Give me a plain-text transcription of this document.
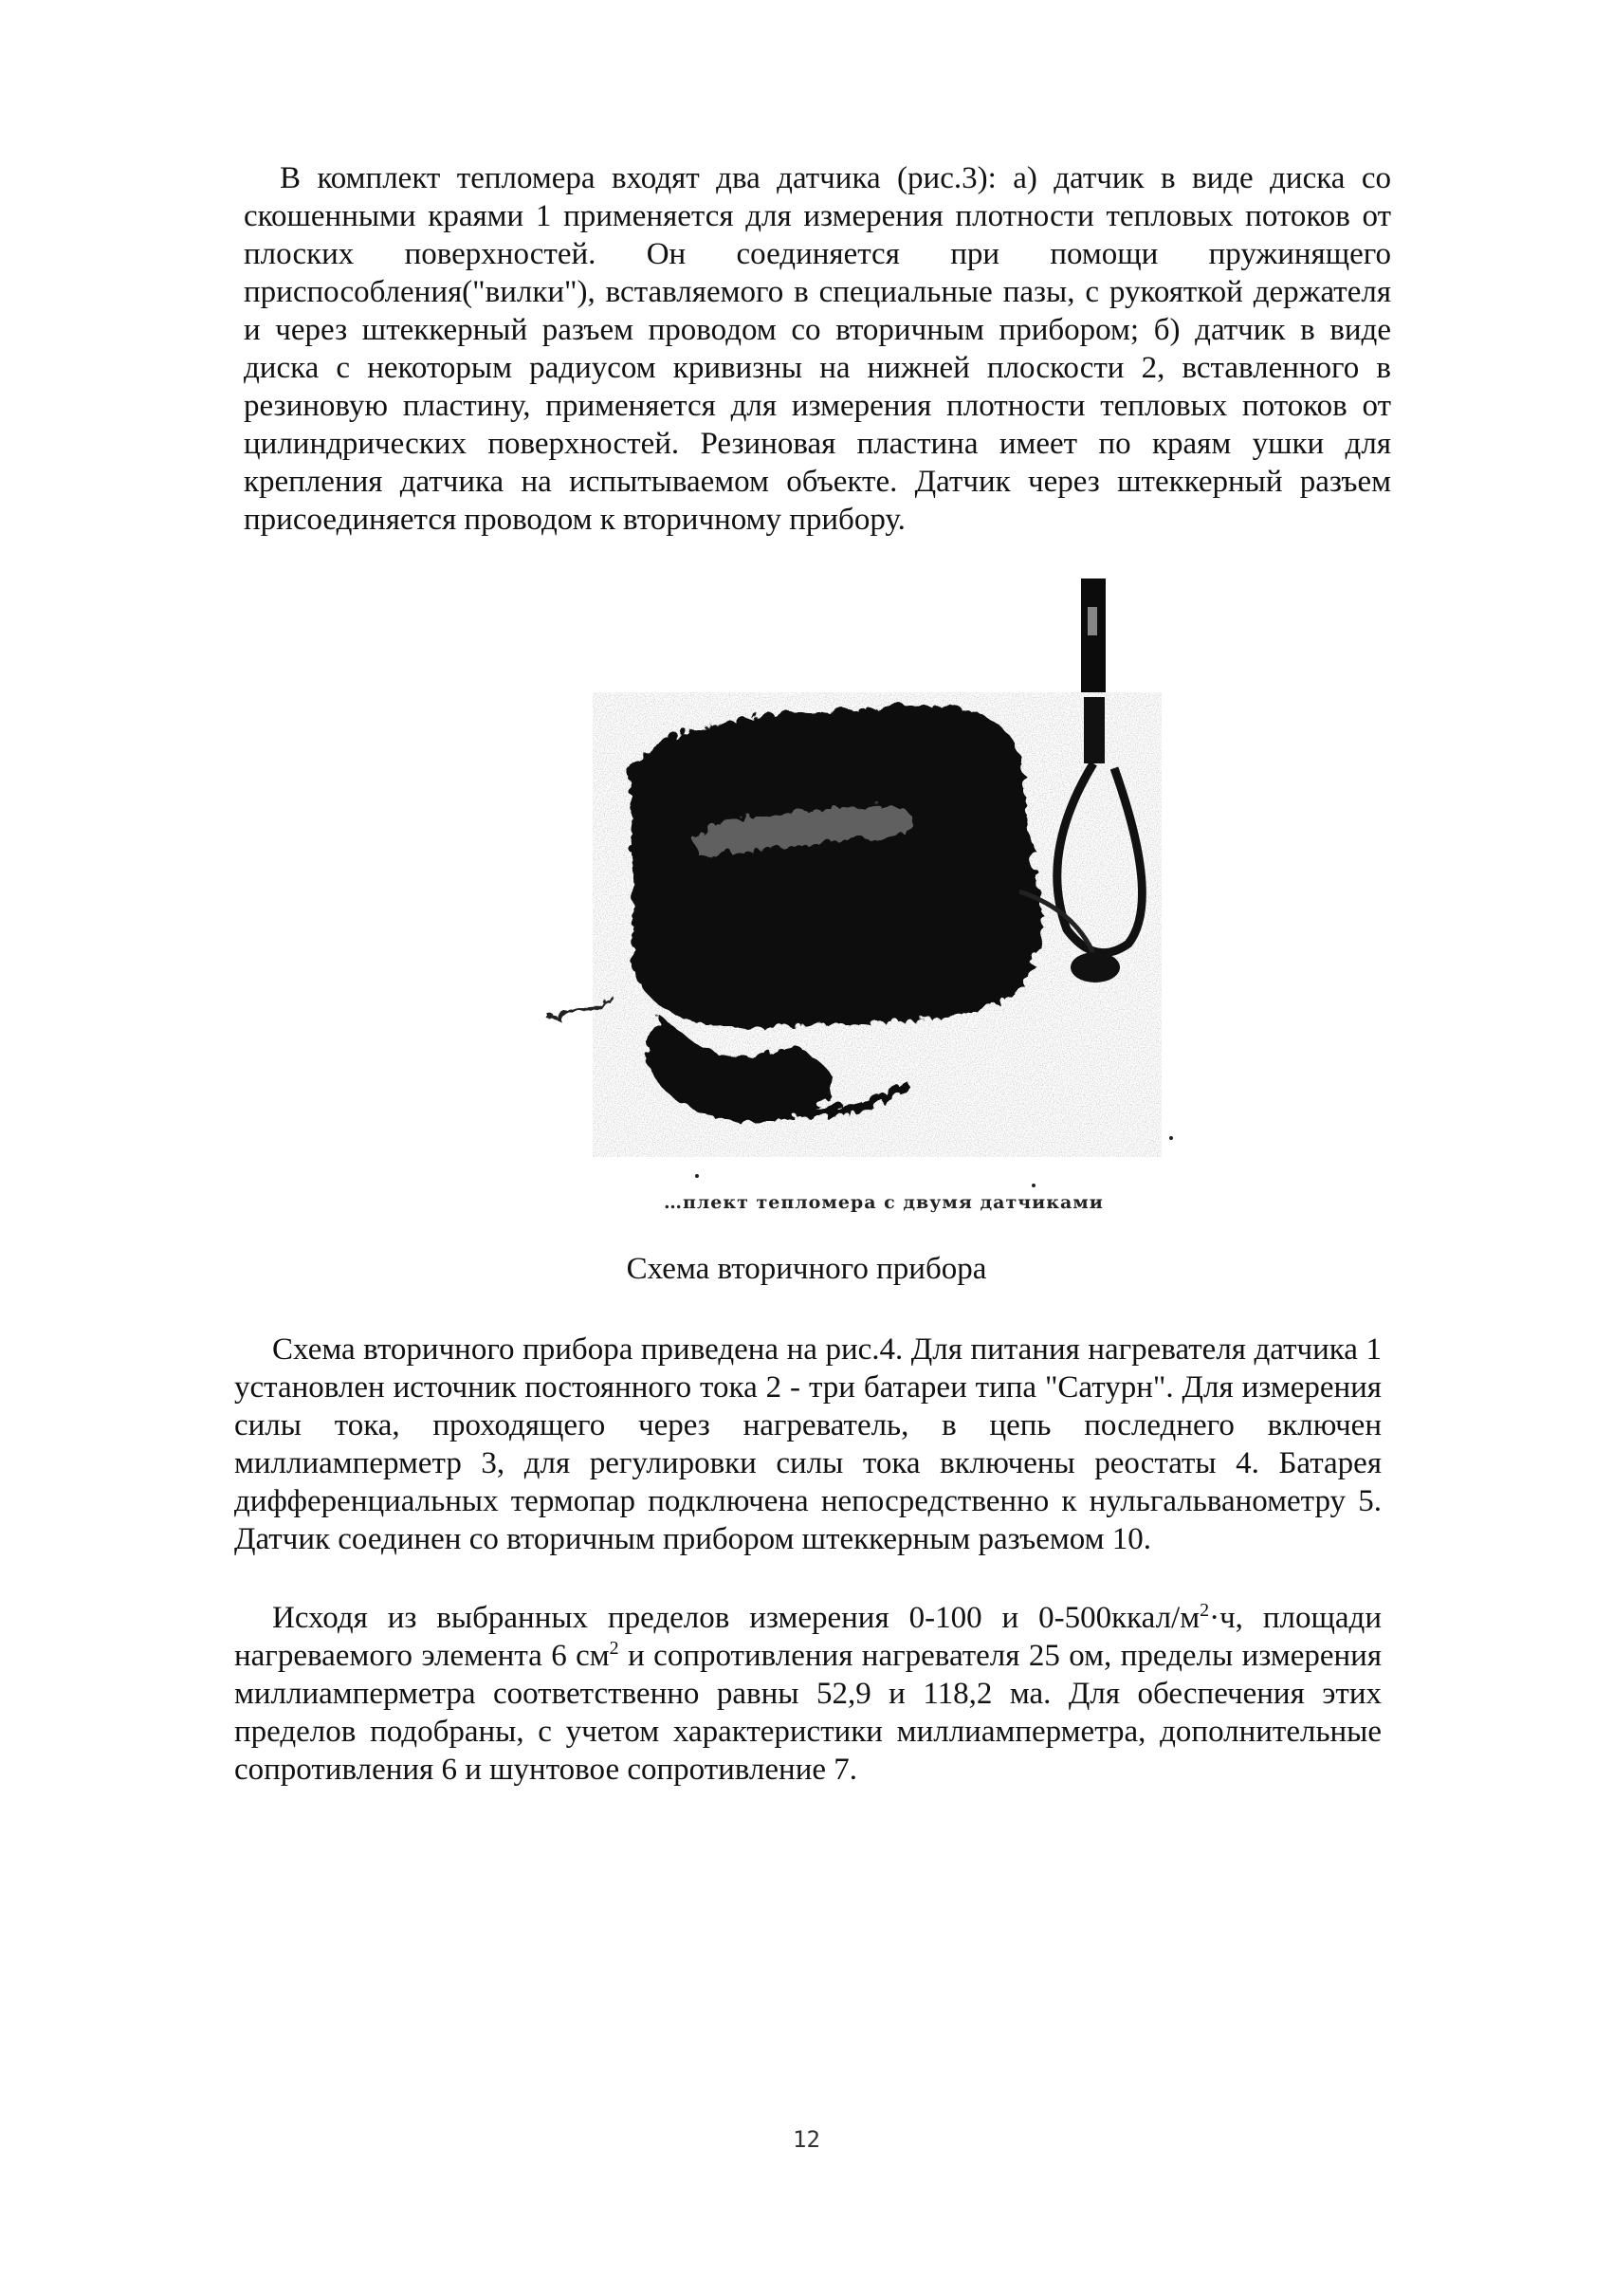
В комплект тепломера входят два датчика (рис.3): а) датчик в виде диска со скошенными краями 1 применяется для измерения плотности тепловых потоков от плоских поверхностей. Он соединяется при помощи пружинящего приспособления("вилки"), вставляемого в специальные пазы, с рукояткой держателя и через штеккерный разъем проводом со вторичным прибором; б) датчик в виде диска с некоторым радиусом кривизны на нижней плоскости 2, вставленного в резиновую пластину, применяется для измерения плотности тепловых потоков от цилиндрических поверхностей. Резиновая пластина имеет по краям ушки для крепления датчика на испытываемом объекте. Датчик через штеккерный разъем присоединяется проводом к вторичному прибору.

…плект тепломера с двумя датчиками
Схема вторичного прибора

Схема вторичного прибора приведена на рис.4. Для питания нагревателя датчика 1 установлен источник постоянного тока 2 - три батареи типа "Сатурн". Для измерения силы тока, проходящего через нагреватель, в цепь последнего включен миллиамперметр 3, для регулировки силы тока включены реостаты 4. Батарея дифференциальных термопар подключена непосредственно к нульгальванометру 5. Датчик соединен со вторичным прибором штеккерным разъемом 10.

Исходя из выбранных пределов измерения 0-100 и $0-500ккал/м^2\cdot ч$, площади нагреваемого элемента 6 $см^2$ и сопротивления нагревателя 25 ом, пределы измерения миллиамперметра соответственно равны 52,9 и 118,2 ма. Для обеспечения этих пределов подобраны, с учетом характеристики миллиамперметра, дополнительные сопротивления 6 и шунтовое сопротивление 7.

12
